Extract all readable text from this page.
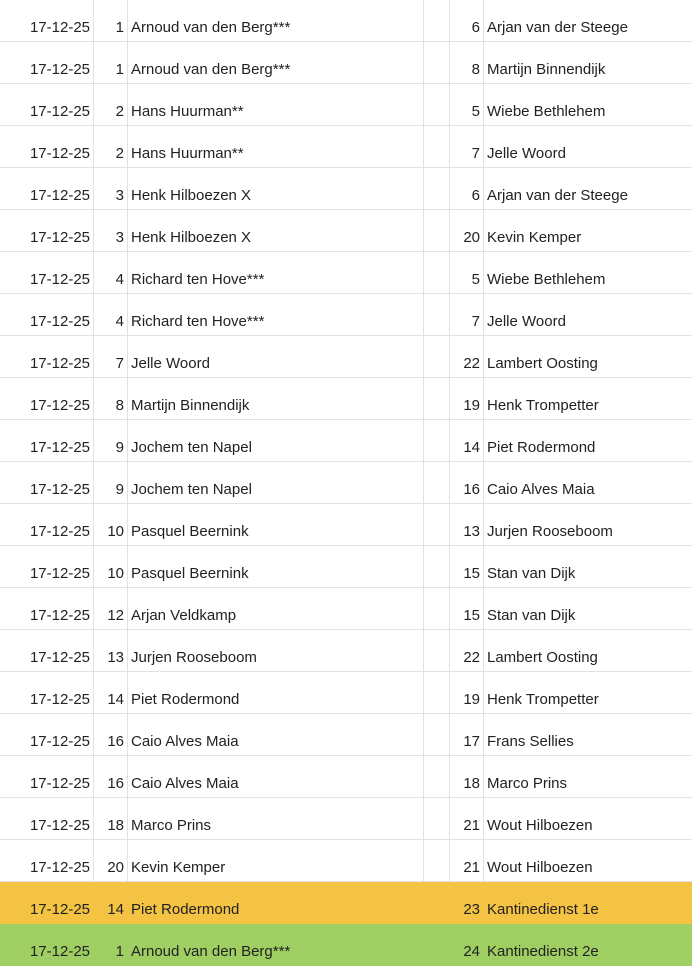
17-12-25 1 Arnoud van den Berg***	6 Arjan van der Steege
17-12-25 1 Arnoud van den Berg***	8 Martijn Binnendijk
17-12-25 2 Hans Huurman**	5 Wiebe Bethlehem
17-12-25 2 Hans Huurman**	7 Jelle Woord
17-12-25 3 Henk Hilboezen X	6 Arjan van der Steege
17-12-25 3 Henk Hilboezen X	20 Kevin Kemper
17-12-25 4 Richard ten Hove***	5 Wiebe Bethlehem
17-12-25 4 Richard ten Hove***	7 Jelle Woord
17-12-25 7 Jelle Woord	22 Lambert Oosting
17-12-25 8 Martijn Binnendijk	19 Henk Trompetter
17-12-25 9 Jochem ten Napel	14 Piet Rodermond
17-12-25 9 Jochem ten Napel	16 Caio Alves Maia
17-12-25 10 Pasquel Beernink	13 Jurjen Rooseboom
17-12-25 10 Pasquel Beernink	15 Stan van Dijk
17-12-25 12 Arjan Veldkamp	15 Stan van Dijk
17-12-25 13 Jurjen Rooseboom	22 Lambert Oosting
17-12-25 14 Piet Rodermond	19 Henk Trompetter
17-12-25 16 Caio Alves Maia	17 Frans Sellies
17-12-25 16 Caio Alves Maia	18 Marco Prins
17-12-25 18 Marco Prins	21 Wout Hilboezen
17-12-25 20 Kevin Kemper	21 Wout Hilboezen
17-12-25 14 Piet Rodermond	23 Kantinedienst 1e
17-12-25 1 Arnoud van den Berg***	24 Kantinedienst 2e
